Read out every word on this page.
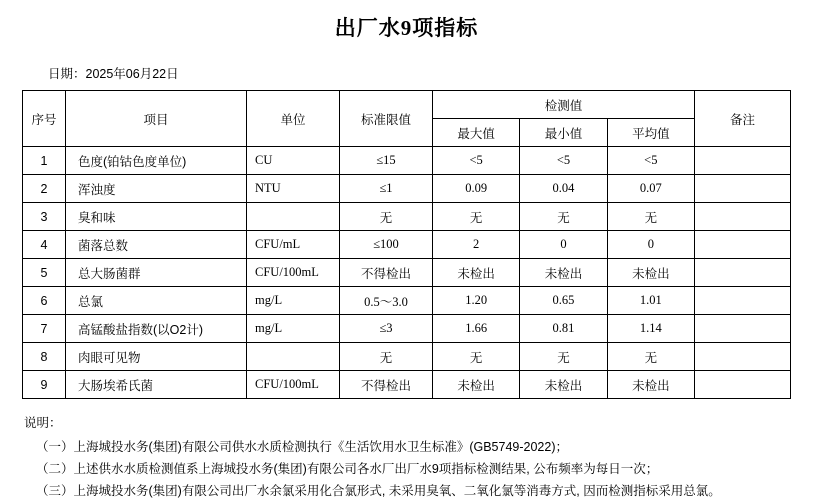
出厂水9项指标
日期：2025年06月22日
序号	项目	单位	标准限值	检测值			备注
				最大值	最小值	平均值	
1	色度(铂钴色度单位)	CU	≤15	<5	<5	<5	
2	浑浊度	NTU	≤1	0.09	0.04	0.07	
3	臭和味		无	无	无	无	
4	菌落总数	CFU/mL	≤100	2	0	0	
5	总大肠菌群	CFU/100mL	不得检出	未检出	未检出	未检出	
6	总氯	mg/L	0.5～3.0	1.20	0.65	1.01	
7	高锰酸盐指数(以O2计)	mg/L	≤3	1.66	0.81	1.14	
8	肉眼可见物		无	无	无	无	
9	大肠埃希氏菌	CFU/100mL	不得检出	未检出	未检出	未检出	
说明：
（一）上海城投水务(集团)有限公司供水水质检测执行《生活饮用水卫生标准》(GB5749-2022)；
（二）上述供水水质检测值系上海城投水务(集团)有限公司各水厂出厂水9项指标检测结果, 公布频率为每日一次；
（三）上海城投水务(集团)有限公司出厂水余氯采用化合氯形式, 未采用臭氧、二氧化氯等消毒方式, 因而检测指标采用总氯。
